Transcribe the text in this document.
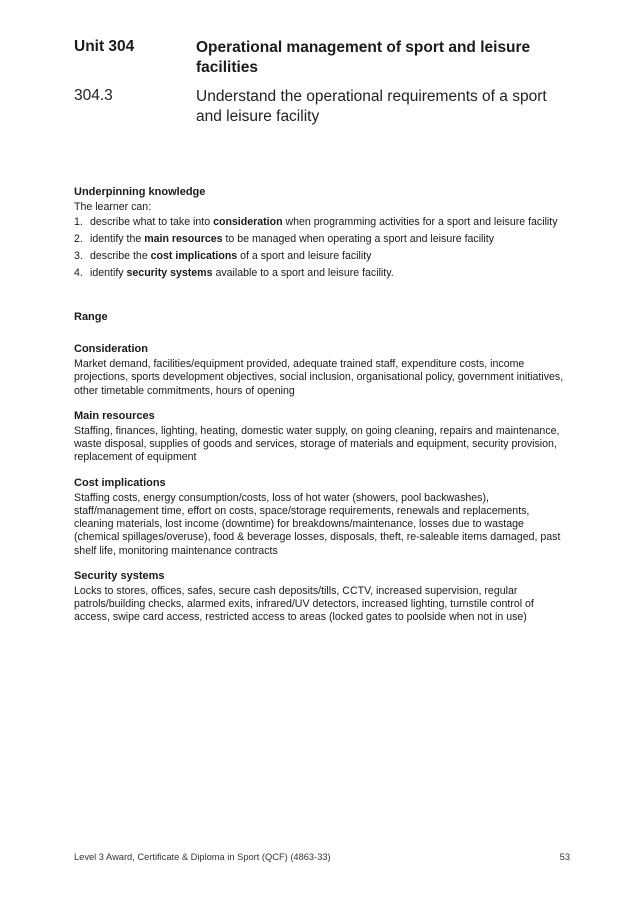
Unit 304	Operational management of sport and leisure facilities
304.3	Understand the operational requirements of a sport and leisure facility
Underpinning knowledge
The learner can:
1. describe what to take into consideration when programming activities for a sport and leisure facility
2. identify the main resources to be managed when operating a sport and leisure facility
3. describe the cost implications of a sport and leisure facility
4. identify security systems available to a sport and leisure facility.
Range
Consideration
Market demand, facilities/equipment provided, adequate trained staff, expenditure costs, income projections, sports development objectives, social inclusion, organisational policy, government initiatives, other timetable commitments, hours of opening
Main resources
Staffing, finances, lighting, heating, domestic water supply, on going cleaning, repairs and maintenance, waste disposal, supplies of goods and services, storage of materials and equipment, security provision, replacement of equipment
Cost implications
Staffing costs, energy consumption/costs, loss of hot water (showers, pool backwashes), staff/management time, effort on costs, space/storage requirements, renewals and replacements, cleaning materials, lost income (downtime) for breakdowns/maintenance, losses due to wastage (chemical spillages/overuse), food & beverage losses, disposals, theft, re-saleable items damaged, past shelf life, monitoring maintenance contracts
Security systems
Locks to stores, offices, safes, secure cash deposits/tills, CCTV, increased supervision, regular patrols/building checks, alarmed exits, infrared/UV detectors, increased lighting, turnstile control of access, swipe card access, restricted access to areas (locked gates to poolside when not in use)
Level 3 Award, Certificate & Diploma in Sport (QCF) (4863-33)	53
